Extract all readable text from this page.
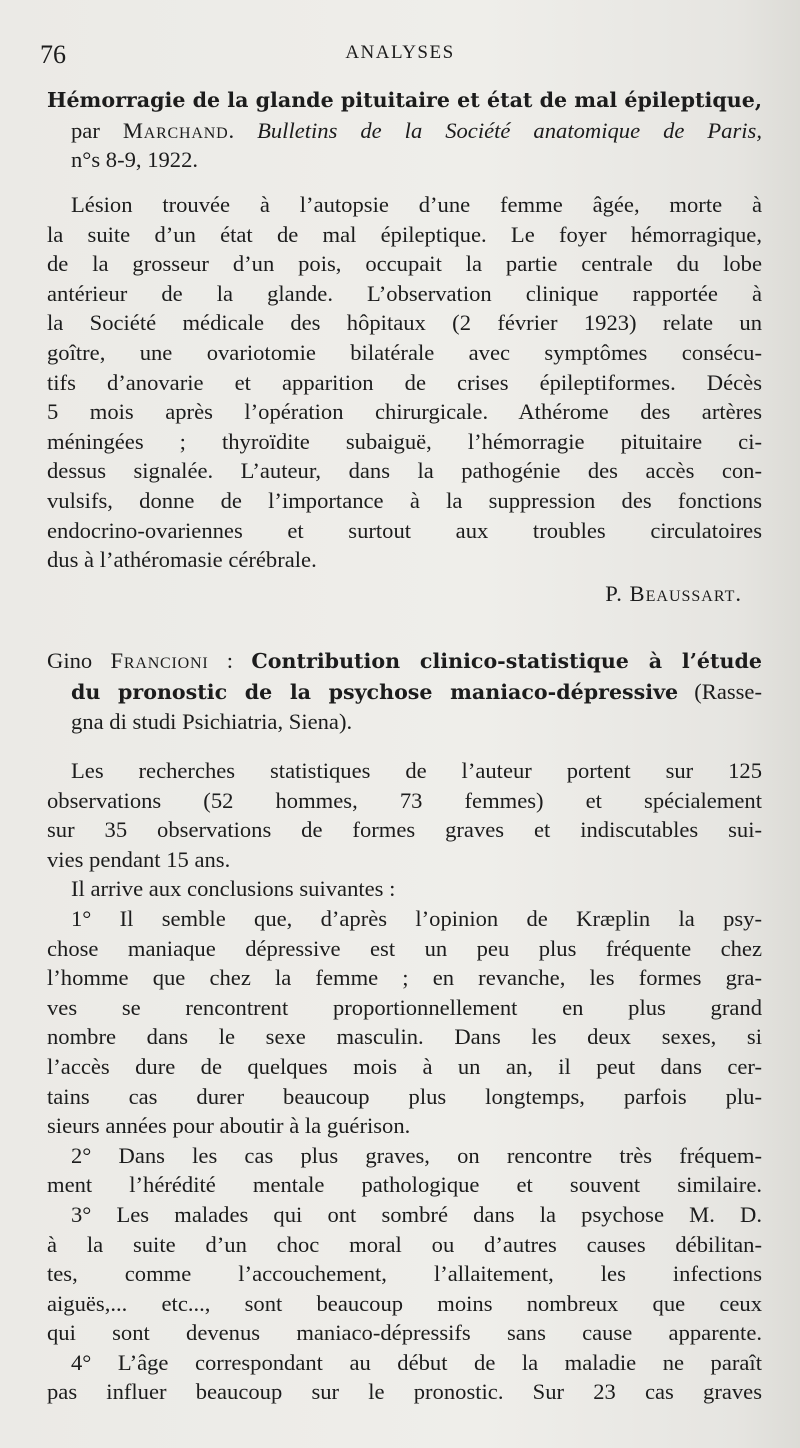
76	ANALYSES
Hémorragie de la glande pituitaire et état de mal épileptique,
par Marchand. Bulletins de la Société anatomique de Paris,
n°s 8-9, 1922.
Lésion trouvée à l’autopsie d’une femme âgée, morte à
la suite d’un état de mal épileptique. Le foyer hémorragique,
de la grosseur d’un pois, occupait la partie centrale du lobe
antérieur de la glande. L’observation clinique rapportée à
la Société médicale des hôpitaux (2 février 1923) relate un
goître, une ovariotomie bilatérale avec symptômes consécu-
tifs d’anovarie et apparition de crises épileptiformes. Décès
5 mois après l’opération chirurgicale. Athérome des artères
méningées ; thyroïdite subaiguë, l’hémorragie pituitaire ci-
dessus signalée. L’auteur, dans la pathogénie des accès con-
vulsifs, donne de l’importance à la suppression des fonctions
endocrino-ovariennes et surtout aux troubles circulatoires
dus à l’athéromasie cérébrale.
P. Beaussart.
Gino Francioni : Contribution clinico-statistique à l’étude
du pronostic de la psychose maniaco-dépressive (Rasse-
gna di studi Psichiatria, Siena).
Les recherches statistiques de l’auteur portent sur 125
observations (52 hommes, 73 femmes) et spécialement
sur 35 observations de formes graves et indiscutables sui-
vies pendant 15 ans.
Il arrive aux conclusions suivantes :
1° Il semble que, d’après l’opinion de Kræplin la psy-
chose maniaque dépressive est un peu plus fréquente chez
l’homme que chez la femme ; en revanche, les formes gra-
ves se rencontrent proportionnellement en plus grand
nombre dans le sexe masculin. Dans les deux sexes, si
l’accès dure de quelques mois à un an, il peut dans cer-
tains cas durer beaucoup plus longtemps, parfois plu-
sieurs années pour aboutir à la guérison.
2° Dans les cas plus graves, on rencontre très fréquem-
ment l’hérédité mentale pathologique et souvent similaire.
3° Les malades qui ont sombré dans la psychose M. D.
à la suite d’un choc moral ou d’autres causes débilitan-
tes, comme l’accouchement, l’allaitement, les infections
aiguës,... etc..., sont beaucoup moins nombreux que ceux
qui sont devenus maniaco-dépressifs sans cause apparente.
4° L’âge correspondant au début de la maladie ne paraît
pas influer beaucoup sur le pronostic. Sur 23 cas graves
